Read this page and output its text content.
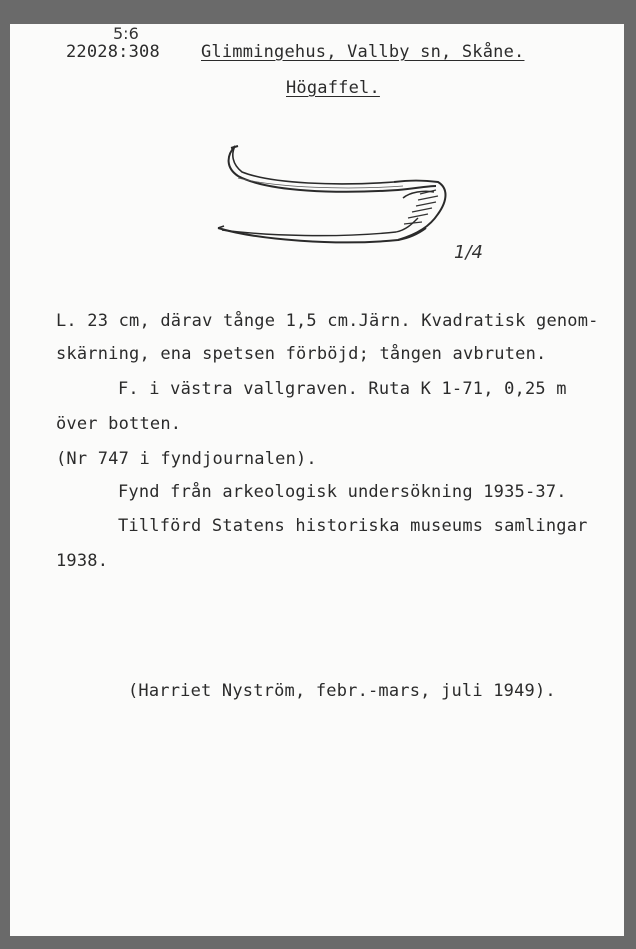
5:6
22028:308 Glimmingehus, Vallby sn, Skåne.
Högaffel.
1/4
L. 23 cm, därav tånge 1,5 cm.Järn. Kvadratisk genom-
skärning, ena spetsen förböjd; tången avbruten.
F. i västra vallgraven. Ruta K 1-71, 0,25 m
över botten.
(Nr 747 i fyndjournalen).
Fynd från arkeologisk undersökning 1935-37.
Tillförd Statens historiska museums samlingar
1938.
(Harriet Nyström, febr.-mars, juli 1949).
